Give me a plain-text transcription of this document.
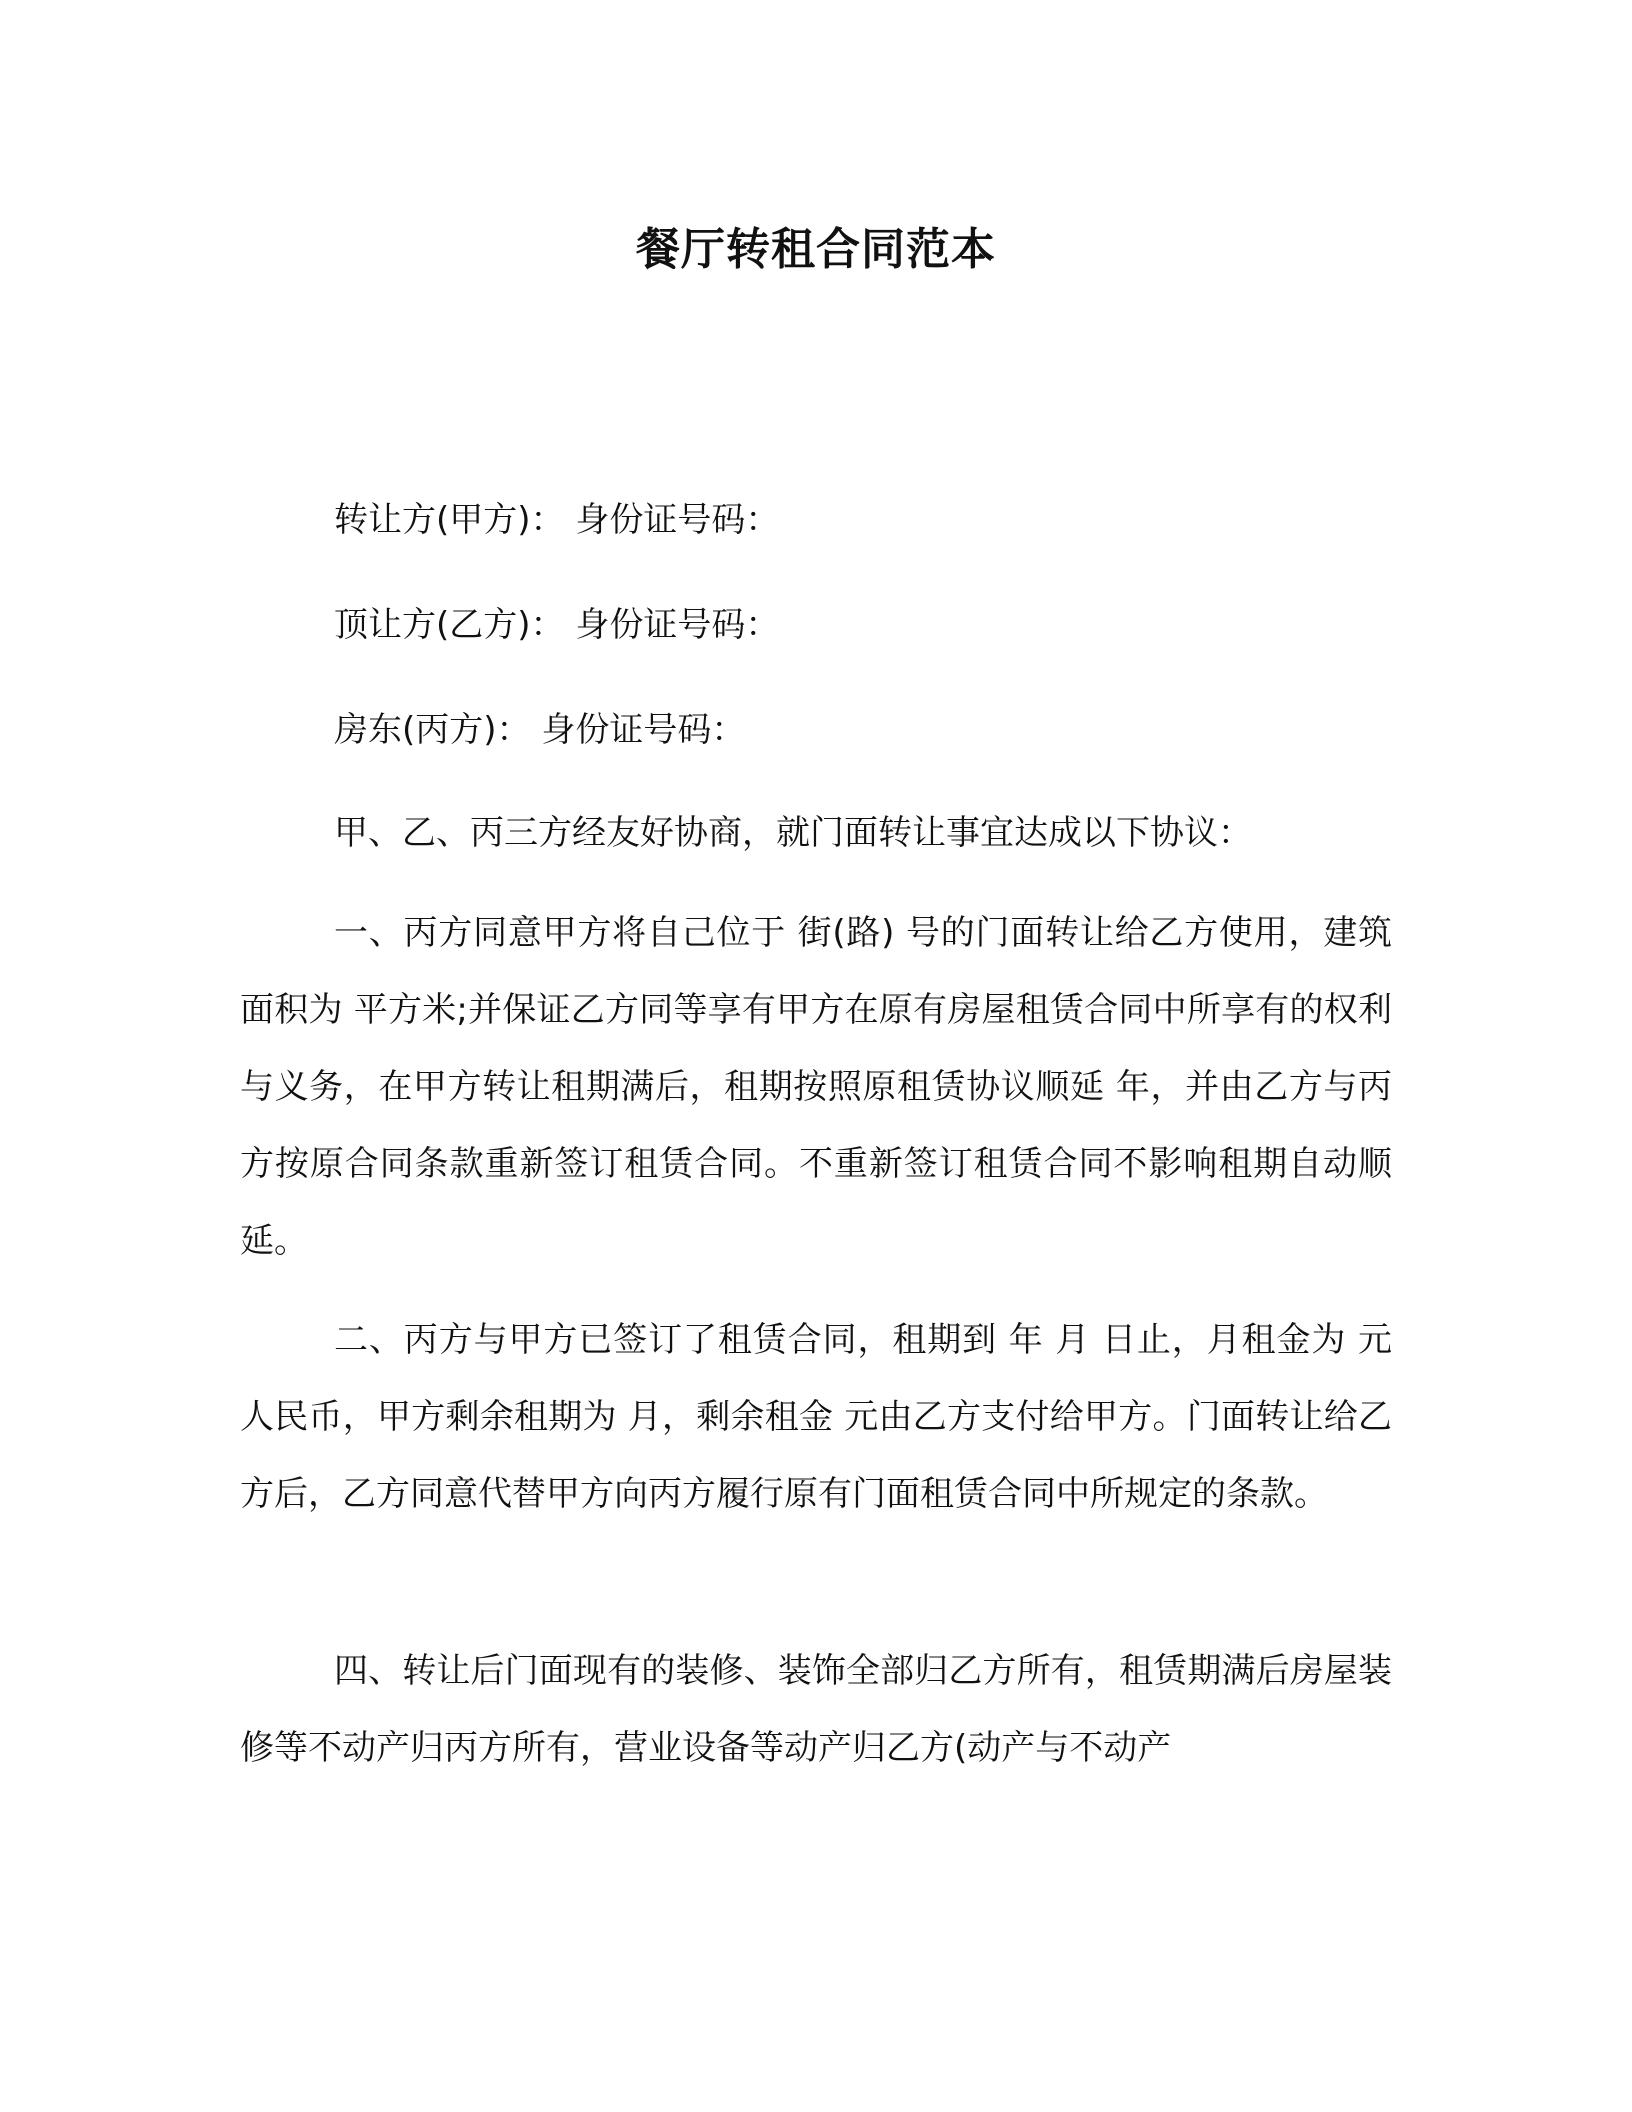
餐厅转租合同范本
转让方(甲方)： 身份证号码：
顶让方(乙方)： 身份证号码：
房东(丙方)： 身份证号码：
甲、乙、丙三方经友好协商，就门面转让事宜达成以下协议：
一、丙方同意甲方将自己位于 街(路) 号的门面转让给乙方使用，建筑面积为 平方米;并保证乙方同等享有甲方在原有房屋租赁合同中所享有的权利与义务，在甲方转让租期满后，租期按照原租赁协议顺延 年，并由乙方与丙方按原合同条款重新签订租赁合同。不重新签订租赁合同不影响租期自动顺延。
二、丙方与甲方已签订了租赁合同，租期到 年 月 日止，月租金为 元人民币，甲方剩余租期为 月，剩余租金 元由乙方支付给甲方。门面转让给乙方后，乙方同意代替甲方向丙方履行原有门面租赁合同中所规定的条款。
四、转让后门面现有的装修、装饰全部归乙方所有，租赁期满后房屋装修等不动产归丙方所有，营业设备等动产归乙方(动产与不动产
